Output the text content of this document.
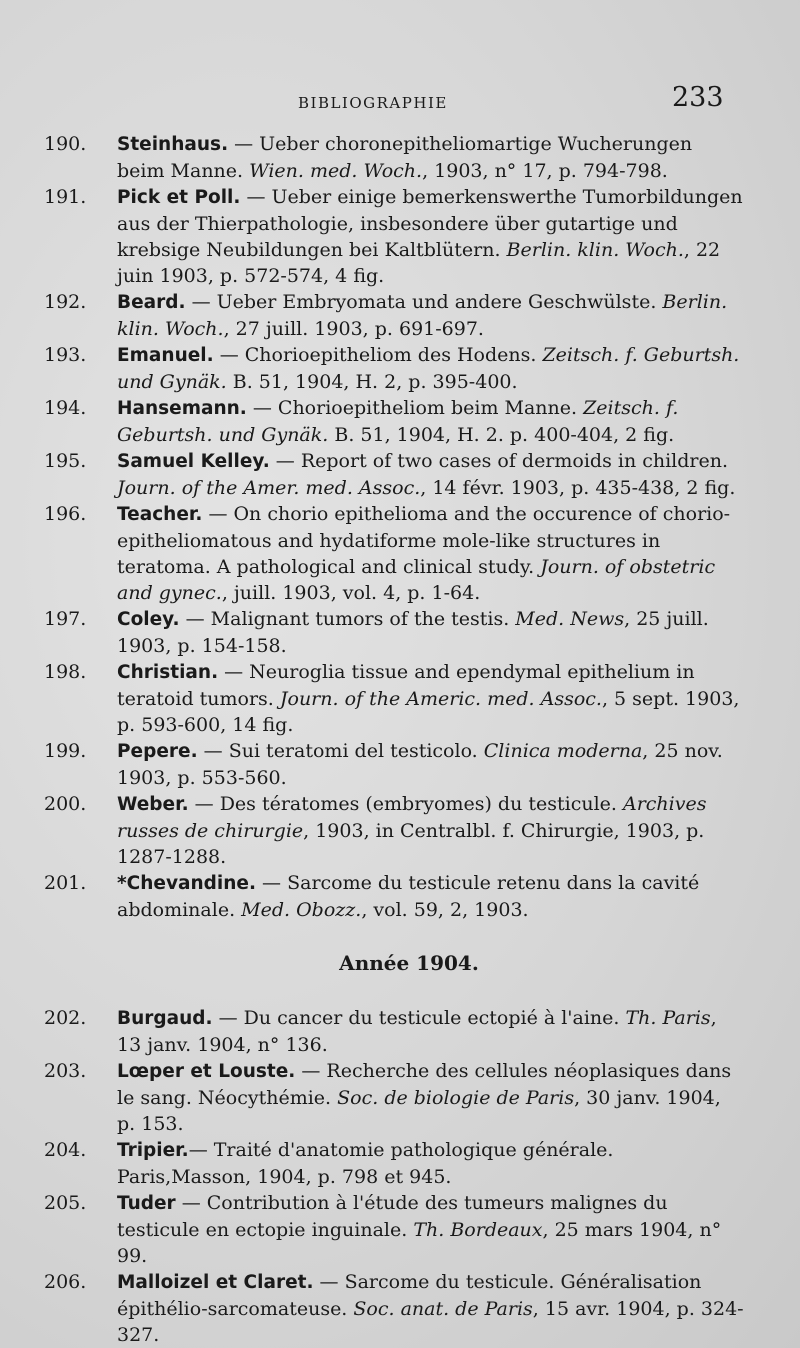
BIBLIOGRAPHIE	233
190.	Steinhaus. — Ueber choronepitheliomartige Wucherungen beim Manne. Wien. med. Woch., 1903, n° 17, p. 794-798.
191.	Pick et Poll. — Ueber einige bemerkenswerthe Tumorbildungen aus der Thierpathologie, insbesondere über gutartige und krebsige Neubildungen bei Kaltblütern. Berlin. klin. Woch., 22 juin 1903, p. 572-574, 4 fig.
192.	Beard. — Ueber Embryomata und andere Geschwülste. Berlin. klin. Woch., 27 juill. 1903, p. 691-697.
193.	Emanuel. — Chorioepitheliom des Hodens. Zeitsch. f. Geburtsh. und Gynäk. B. 51, 1904, H. 2, p. 395-400.
194.	Hansemann. — Chorioepitheliom beim Manne. Zeitsch. f. Geburtsh. und Gynäk. B. 51, 1904, H. 2. p. 400-404, 2 fig.
195.	Samuel Kelley. — Report of two cases of dermoids in children. Journ. of the Amer. med. Assoc., 14 févr. 1903, p. 435-438, 2 fig.
196.	Teacher. — On chorio epithelioma and the occurence of chorio-epitheliomatous and hydatiforme mole-like structures in teratoma. A pathological and clinical study. Journ. of obstetric and gynec., juill. 1903, vol. 4, p. 1-64.
197.	Coley. — Malignant tumors of the testis. Med. News, 25 juill. 1903, p. 154-158.
198.	Christian. — Neuroglia tissue and ependymal epithelium in teratoid tumors. Journ. of the Americ. med. Assoc., 5 sept. 1903, p. 593-600, 14 fig.
199.	Pepere. — Sui teratomi del testicolo. Clinica moderna, 25 nov. 1903, p. 553-560.
200.	Weber. — Des tératomes (embryomes) du testicule. Archives russes de chirurgie, 1903, in Centralbl. f. Chirurgie, 1903, p. 1287-1288.
201.	*Chevandine. — Sarcome du testicule retenu dans la cavité abdominale. Med. Obozz., vol. 59, 2, 1903.
Année 1904.
202.	Burgaud. — Du cancer du testicule ectopié à l'aine. Th. Paris, 13 janv. 1904, n° 136.
203.	Lœper et Louste. — Recherche des cellules néoplasiques dans le sang. Néocythémie. Soc. de biologie de Paris, 30 janv. 1904, p. 153.
204.	Tripier.— Traité d'anatomie pathologique générale. Paris,Masson, 1904, p. 798 et 945.
205.	Tuder — Contribution à l'étude des tumeurs malignes du testicule en ectopie inguinale. Th. Bordeaux, 25 mars 1904, n° 99.
206.	Malloizel et Claret. — Sarcome du testicule. Généralisation épithélio-sarcomateuse. Soc. anat. de Paris, 15 avr. 1904, p. 324-327.
